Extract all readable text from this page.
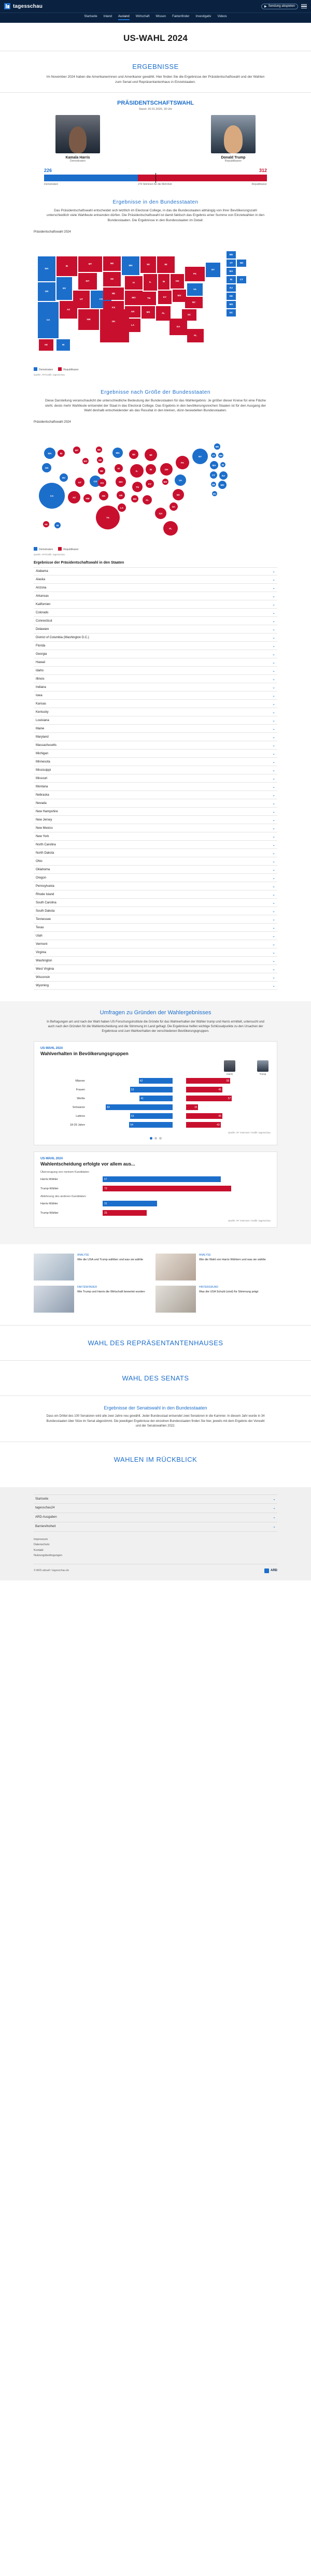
tagesschau	▶ Sendung abspielen
Startseite Inland Ausland Wirtschaft Wissen Faktenfinder Investigativ Videos
US-WAHL 2024
ERGEBNISSE

Im November 2024 haben die Amerikanerinnen und Amerikaner gewählt. Hier finden Sie die Ergebnisse der Präsidentschaftswahl und der Wahlen zum Senat und Repräsentantenhaus in Einzelstaaten.

PRÄSIDENTSCHAFTSWAHL
Stand: 20.01.2025, 18 Uhr
Kamala Harris
Demokraten
Donald Trump
Republikaner
226	312
Demokraten	270 Stimmen für die Mehrheit	Republikaner
Ergebnisse in den Bundesstaaten

Das Präsidentschaftswahl entscheidet sich letztlich im Electoral College, in das die Bundesstaaten abhängig von ihrer Bevölkerungszahl unterschiedlich viele Wahlleute entsenden dürfen. Die Präsidentschaftswahl ist damit faktisch das Ergebnis einer Summe von Einzelwahlen in den Bundesstaaten. Die Ergebnisse in den Bundesstaaten im Detail:

Präsidentschaftswahl 2024
WA
OR
CA
ID
NV
AZ
MT
WY
UT	CO
NM
ND
SD
NE
KS
OK
MN
IA
MO
AR
LA
WI
IL	IN
TN
MS	AL
MI
OH
KY
PA
NY
WV
VA
NC
SC
GA
FL
ME
VT	NH
MA
RI	CT
NJ
DE
MD
DC
AK	HI
Demokraten	Republikaner
Quelle: AP/Grafik: tagesschau
Ergebnisse nach Größe der Bundesstaaten

Diese Darstellung veranschaulicht die unterschiedliche Bedeutung der Bundesstaaten für das Wahlergebnis: Je größer dieser Kreise für eine Fläche steht, desto mehr Wahlleute entsendet der Staat in das Electoral College. Das Ergebnis in den bevölkerungsreichen Staaten ist für den Ausgang der Wahl deshalb entscheidender als das Resultat in den kleinen, dünn besiedelten Bundesstaaten.

Präsidentschaftswahl 2024
WA
OR
CA
ID
NV
AZ
MT
WY
UT	CO
NM
TX
ND
SD
NE
KS
OK
MN
IA
MO
AR
LA
WI
IL
IN
TN
MS	AL
MI
OH
KY
PA
NY
WV
VA
NC
SC
GA
FL
ME
VT	NH
MA	RI
CT	NJ
DE	MD
DC
AK	HI
Demokraten	Republikaner
Quelle: AP/Grafik: tagesschau
Ergebnisse der Präsidentschaftswahl in den Staaten
Alabama	⌄
Alaska	⌄
Arizona	⌄
Arkansas	⌄
Kalifornien	⌄
Colorado	⌄
Connecticut	⌄
Delaware	⌄
District of Columbia (Washington D.C.)	⌄
Florida	⌄
Georgia	⌄
Hawaii	⌄
Idaho	⌄
Illinois	⌄
Indiana	⌄
Iowa	⌄
Kansas	⌄
Kentucky	⌄
Louisiana	⌄
Maine	⌄
Maryland	⌄
Massachusetts	⌄
Michigan	⌄
Minnesota	⌄
Mississippi	⌄
Missouri	⌄
Montana	⌄
Nebraska	⌄
Nevada	⌄
New Hampshire	⌄
New Jersey	⌄
New Mexico	⌄
New York	⌄
North Carolina	⌄
North Dakota	⌄
Ohio	⌄
Oklahoma	⌄
Oregon	⌄
Pennsylvania	⌄
Rhode Island	⌄
South Carolina	⌄
South Dakota	⌄
Tennessee	⌄
Texas	⌄
Utah	⌄
Vermont	⌄
Virginia	⌄
Washington	⌄
West Virginia	⌄
Wisconsin	⌄
Wyoming	⌄
Umfragen zu Gründen der Wahlergebnisses
In Befragungen am und nach der Wahl haben US-Forschungsinstitute die Gründe für das Wahlverhalten der Wähler trump und Harris ermittelt, untersucht und auch nach den Gründen für die Wahlentscheidung und die Stimmung im Land gefragt. Die Ergebnisse helfen wichtige Schlüsselpunkte zu den Ursachen der Ergebnisse und zum Wahlverhalten der verschiedenen Bevölkerungsgruppen.
US-WAHL 2024
Wahlverhalten in Bevölkerungsgruppen
Harris	Trump
Männer	42	55
Frauen	53	45
Weiße	41	57
Schwarze	83	15
Latinos	53	45
18-29 Jahre	54	43
Quelle: AP VoteCast / Grafik: tagesschau
US-WAHL 2024
Wahlentscheidung erfolgte vor allem aus...
Überzeugung von meinem Kandidaten
Harris-Wähler	67
Trump-Wähler	73
Ablehnung des anderen Kandidaten
Harris-Wähler	31
Trump-Wähler	25
Quelle: AP VoteCast / Grafik: tagesschau
ANALYSE
Wie die USA und Trump wählten und was sie wählte
ANALYSE
Wie die Wahl von Harris Wählern und was sie wählte
FAKTENFINDER
Wie Trump und Harris die Wirtschaft bewertet wurden
HINTERGRUND
Was die USA Schuld (sind) für Stimmung prägt
WAHL DES REPRÄSENTANTENHAUSES
WAHL DES SENATS
Ergebnisse der Senatswahl in den Bundesstaaten

Dass ein Drittel des 100 Senatoren wird alle zwei Jahre neu gewählt. Jeder Bundesstaat entsendet zwei Senatoren in die Kammer. In diesem Jahr wurde in 34 Bundesstaaten über Sitze im Senat abgestimmt. Die jeweiligen Ergebnisse der einzelnen Bundesstaaten finden Sie hier, jeweils mit dem Ergebnis der Vorwahl und der Senatswahlen 2022.

WAHLEN IM RÜCKBLICK
Startseite	⌄
tagesschau24	⌄
ARD-Ausgaben	⌄
Barrierefreiheit	⌄
Impressum
Datenschutz
Kontakt
Nutzungsbedingungen
© ARD-aktuell / tagesschau.de	ARD
